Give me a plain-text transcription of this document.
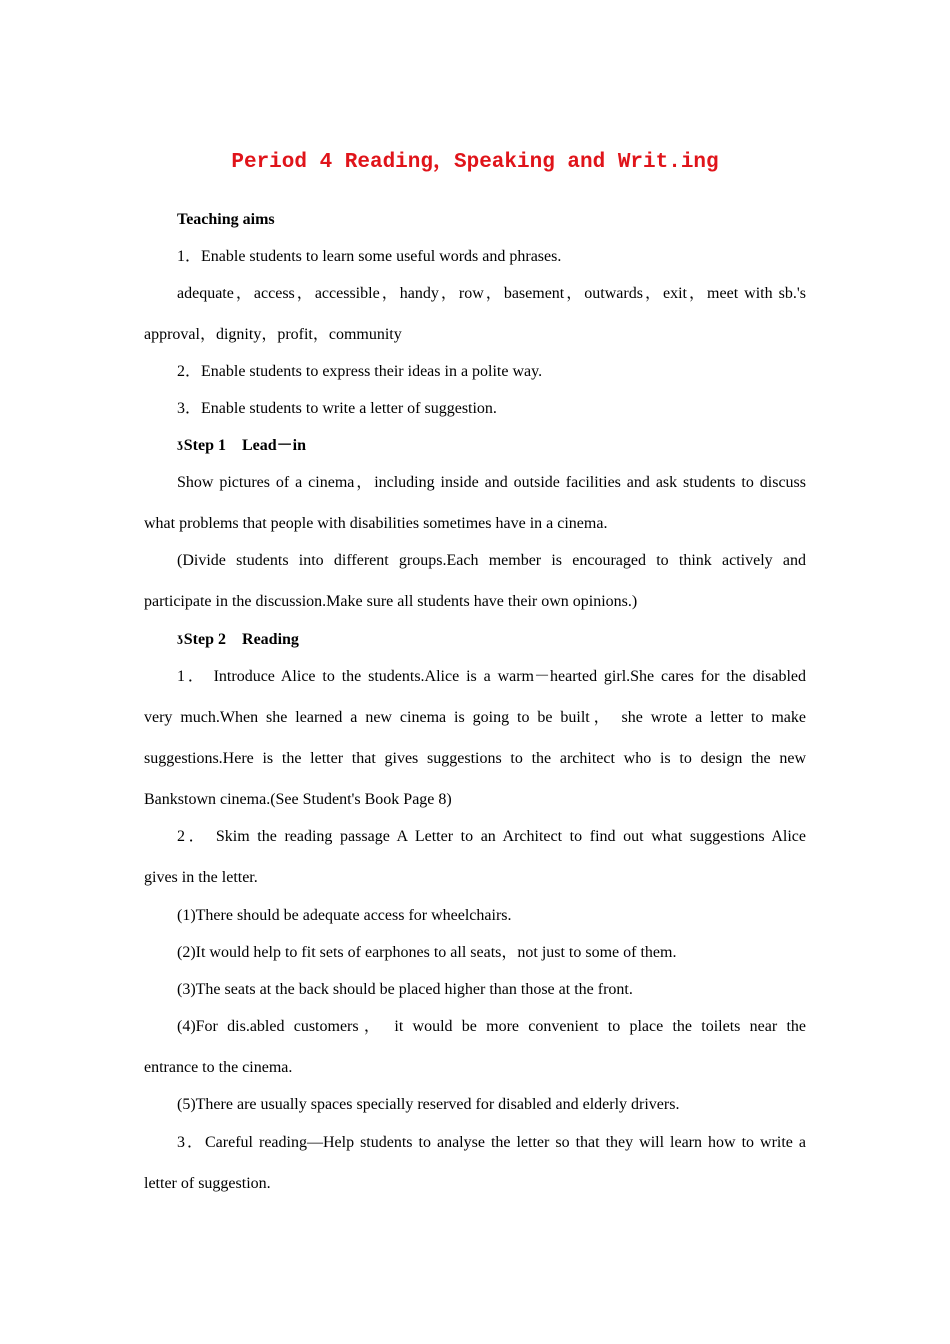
Period 4 Reading，Speaking and Writ.ing
Teaching aims
1．Enable students to learn some useful words and phrases.
adequate，access，accessible，handy，row，basement，outwards，exit，meet with sb.'s
approval，dignity，profit，community
2．Enable students to express their ideas in a polite way.
3．Enable students to write a letter of suggestion.
ʖStep 1　Lead－in
Show pictures of a cinema，including inside and outside facilities and ask students to discuss
what problems that people with disabilities sometimes have in a cinema.
(Divide students into different groups.Each member is encouraged to think actively and
participate in the discussion.Make sure all students have their own opinions.)
ʖStep 2　Reading
1． Introduce Alice to the students.Alice is a warm－hearted girl.She cares for the disabled
very much.When she learned a new cinema is going to be built， she wrote a letter to make
suggestions.Here is the letter that gives suggestions to the architect who is to design the new
Bankstown cinema.(See Student's Book Page 8)
2． Skim the reading passage A Letter to an Architect to find out what suggestions Alice
gives in the letter.
(1)There should be adequate access for wheelchairs.
(2)It would help to fit sets of earphones to all seats，not just to some of them.
(3)The seats at the back should be placed higher than those at the front.
(4)For dis.abled customers， it would be more convenient to place the toilets near the
entrance to the cinema.
(5)There are usually spaces specially reserved for disabled and elderly drivers.
3．Careful reading—Help students to analyse the letter so that they will learn how to write a
letter of suggestion.
